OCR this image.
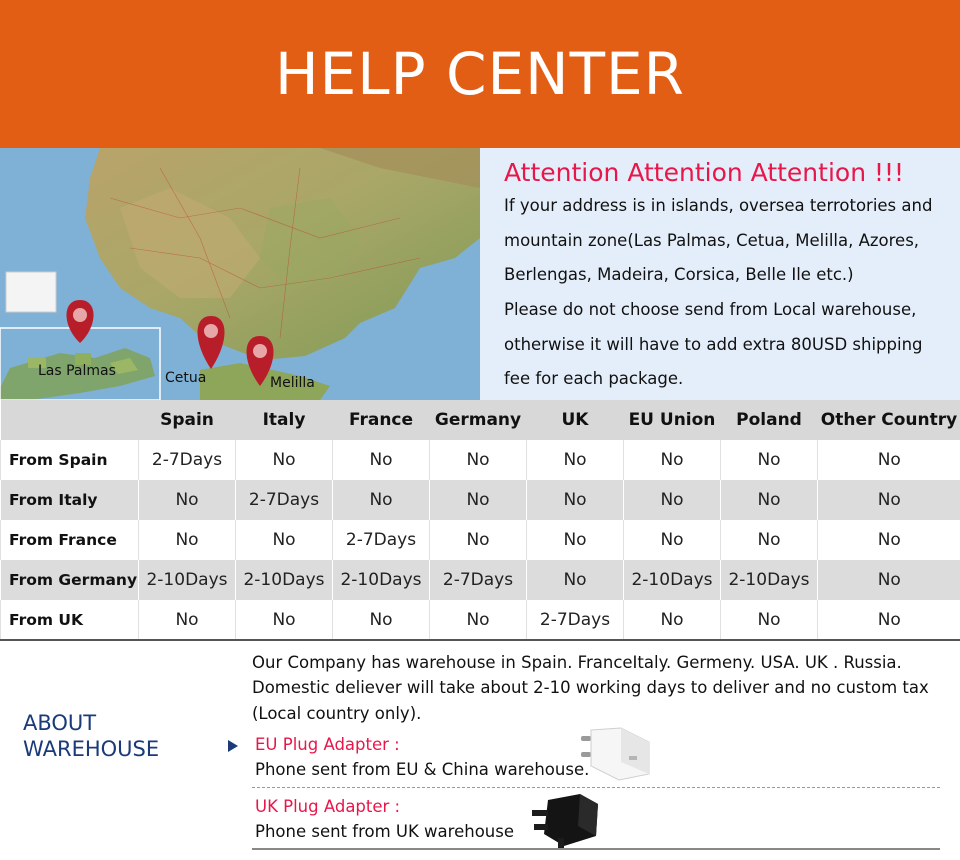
HELP CENTER
Las Palmas	Cetua	Melilla
Attention Attention Attention !!!
If your address is in islands, oversea terrotories and
mountain zone(Las Palmas, Cetua, Melilla, Azores,
Berlengas, Madeira, Corsica, Belle Ile etc.)
Please do not choose send from Local warehouse,
otherwise it will have to add extra 80USD shipping
fee for each package.
	Spain	Italy	France	Germany	UK	EU Union	Poland	Other Country
From Spain	2-7Days	No	No	No	No	No	No	No
From Italy	No	2-7Days	No	No	No	No	No	No
From France	No	No	2-7Days	No	No	No	No	No
From Germany	2-10Days	2-10Days	2-10Days	2-7Days	No	2-10Days	2-10Days	No
From UK	No	No	No	No	2-7Days	No	No	No
ABOUT
WAREHOUSE
Our Company has warehouse in Spain. FranceItaly. Germeny. USA. UK . Russia.
Domestic deliever will take about 2-10 working days to deliver and no custom tax
(Local country only).
EU Plug Adapter :
Phone sent from EU & China warehouse.
UK Plug Adapter :
Phone sent from UK warehouse
